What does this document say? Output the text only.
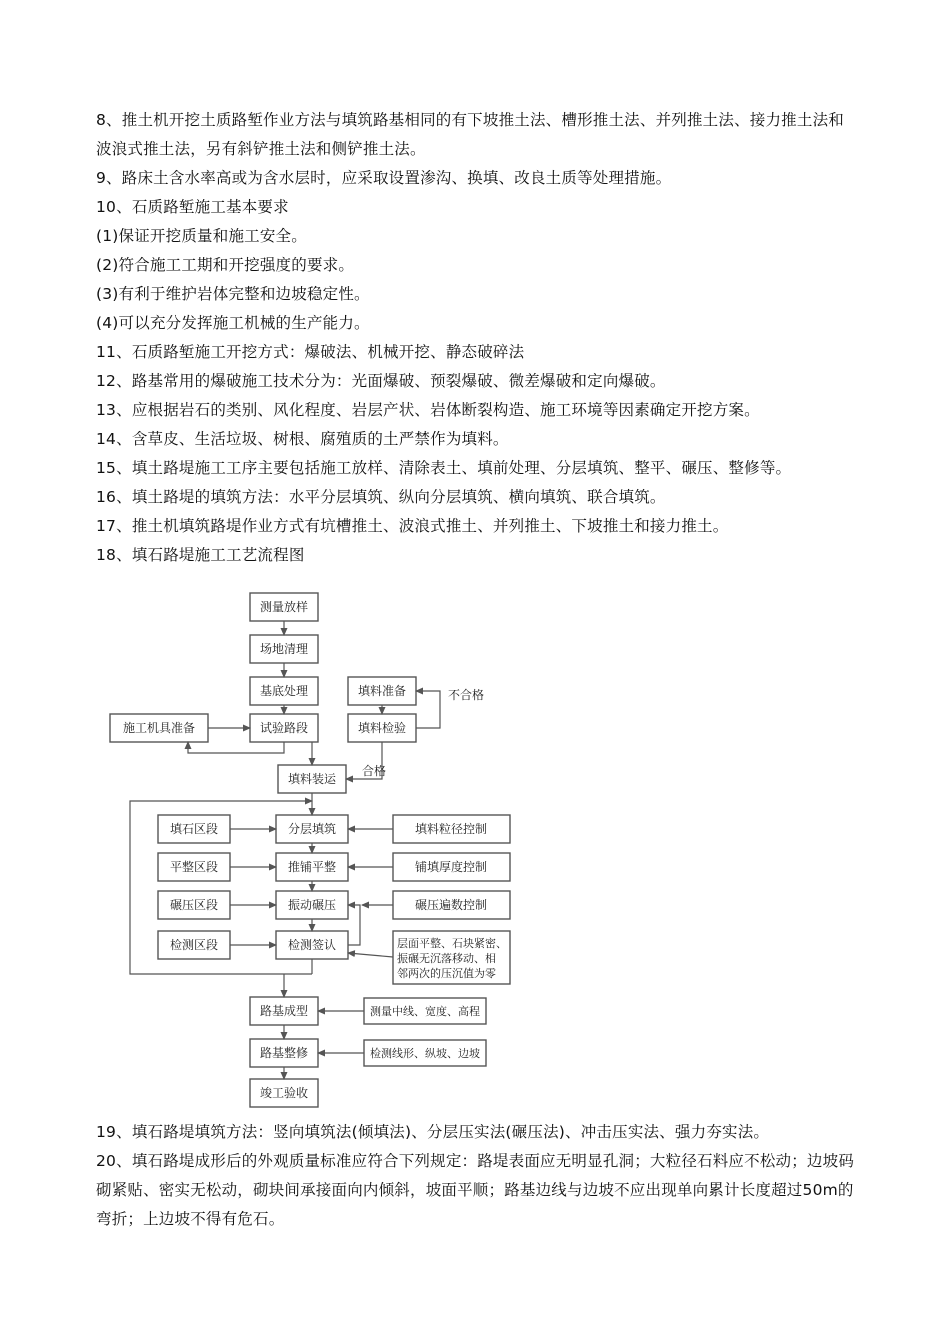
8、推土机开挖土质路堑作业方法与填筑路基相同的有下坡推土法、槽形推土法、并列推土法、接力推土法和波浪式推土法，另有斜铲推土法和侧铲推土法。
9、路床土含水率高或为含水层时，应采取设置渗沟、换填、改良土质等处理措施。
10、石质路堑施工基本要求
(1)保证开挖质量和施工安全。
(2)符合施工工期和开挖强度的要求。
(3)有利于维护岩体完整和边坡稳定性。
(4)可以充分发挥施工机械的生产能力。
11、石质路堑施工开挖方式：爆破法、机械开挖、静态破碎法
12、路基常用的爆破施工技术分为：光面爆破、预裂爆破、微差爆破和定向爆破。
13、应根据岩石的类别、风化程度、岩层产状、岩体断裂构造、施工环境等因素确定开挖方案。
14、含草皮、生活垃圾、树根、腐殖质的土严禁作为填料。
15、填土路堤施工工序主要包括施工放样、清除表土、填前处理、分层填筑、整平、碾压、整修等。
16、填土路堤的填筑方法：水平分层填筑、纵向分层填筑、横向填筑、联合填筑。
17、推土机填筑路堤作业方式有坑槽推土、波浪式推土、并列推土、下坡推土和接力推土。
18、填石路堤施工工艺流程图
测量放样
场地清理
基底处理
试验路段
施工机具准备
填料准备
填料检验
填料装运
分层填筑
推铺平整
振动碾压
检测签认
填石区段
平整区段
碾压区段
检测区段
填料粒径控制
铺填厚度控制
碾压遍数控制
层面平整、石块紧密、
振碾无沉落移动、相
邻两次的压沉值为零
路基成型
路基整修
竣工验收
测量中线、宽度、高程
检测线形、纵坡、边坡
不合格
合格
19、填石路堤填筑方法：竖向填筑法(倾填法)、分层压实法(碾压法)、冲击压实法、强力夯实法。
20、填石路堤成形后的外观质量标准应符合下列规定：路堤表面应无明显孔洞；大粒径石料应不松动；边坡码砌紧贴、密实无松动，砌块间承接面向内倾斜，坡面平顺；路基边线与边坡不应出现单向累计长度超过50m的弯折；上边坡不得有危石。
